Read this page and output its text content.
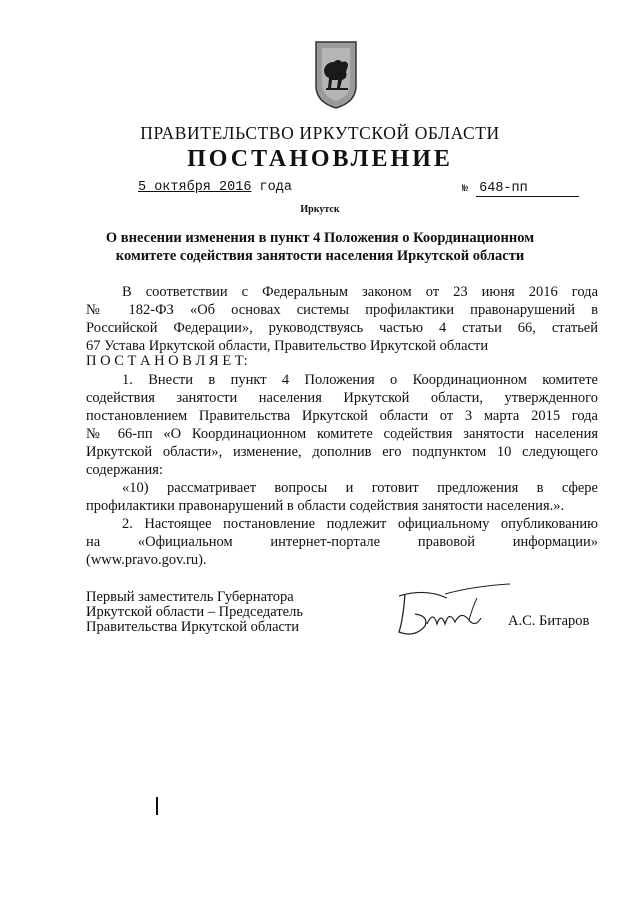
ПРАВИТЕЛЬСТВО ИРКУТСКОЙ ОБЛАСТИ
ПОСТАНОВЛЕНИЕ
5 октября 2016 года	№ 648-пп
Иркутск
О внесении изменения в пункт 4 Положения о Координационном
комитете содействия занятости населения Иркутской области
В соответствии с Федеральным законом от 23 июня 2016 года
№ 182-ФЗ «Об основах системы профилактики правонарушений в
Российской Федерации», руководствуясь частью 4 статьи 66, статьей
67 Устава Иркутской области, Правительство Иркутской области
П О С Т А Н О В Л Я Е Т:
1. Внести в пункт 4 Положения о Координационном комитете
содействия занятости населения Иркутской области, утвержденного
постановлением Правительства Иркутской области от 3 марта 2015 года
№ 66-пп «О Координационном комитете содействия занятости населения
Иркутской области», изменение, дополнив его подпунктом 10 следующего
содержания:
«10) рассматривает вопросы и готовит предложения в сфере
профилактики правонарушений в области содействия занятости населения.».
2. Настоящее постановление подлежит официальному опубликованию
на «Официальном интернет-портале правовой информации»
(www.pravo.gov.ru).
Первый заместитель Губернатора
Иркутской области – Председатель
Правительства Иркутской области	А.С. Битаров
